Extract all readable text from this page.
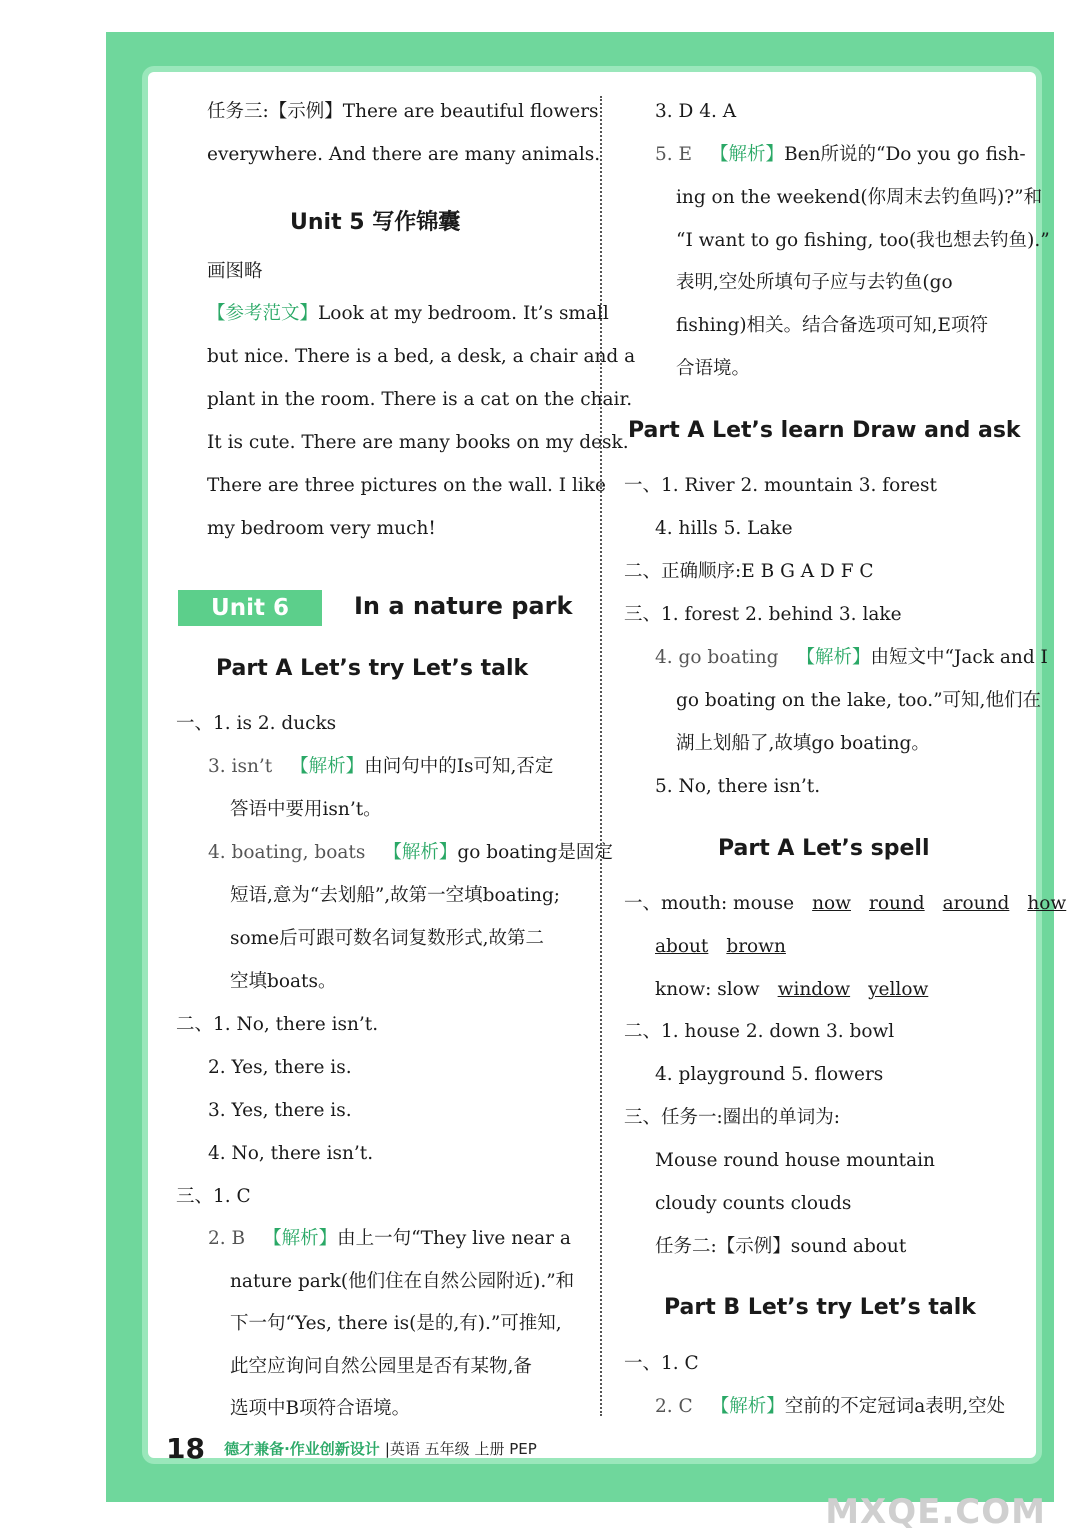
任务三:【示例】There are beautiful flowers
everywhere. And there are many animals.
Unit 5 写作锦囊
画图略
【参考范文】Look at my bedroom. It’s small
but nice. There is a bed, a desk, a chair and a
plant in the room. There is a cat on the chair.
It is cute. There are many books on my desk.
There are three pictures on the wall. I like
my bedroom very much!
Unit 6	In a nature park
Part A Let’s try Let’s talk
一、1. is 2. ducks
3. isn’t 【解析】由问句中的Is可知,否定
答语中要用isn’t。
4. boating, boats 【解析】go boating是固定
短语,意为“去划船”,故第一空填boating;
some后可跟可数名词复数形式,故第二
空填boats。
二、1. No, there isn’t.
2. Yes, there is.
3. Yes, there is.
4. No, there isn’t.
三、1. C
2. B 【解析】由上一句“They live near a
nature park(他们住在自然公园附近).”和
下一句“Yes, there is(是的,有).”可推知,
此空应询问自然公园里是否有某物,备
选项中B项符合语境。
3. D 4. A
5. E 【解析】Ben所说的“Do you go fish-
ing on the weekend(你周末去钓鱼吗)?”和
“I want to go fishing, too(我也想去钓鱼).”
表明,空处所填句子应与去钓鱼(go
fishing)相关。结合备选项可知,E项符
合语境。
Part A Let’s learn Draw and ask
一、1. River 2. mountain 3. forest
4. hills 5. Lake
二、正确顺序:E B G A D F C
三、1. forest 2. behind 3. lake
4. go boating 【解析】由短文中“Jack and I
go boating on the lake, too.”可知,他们在
湖上划船了,故填go boating。
5. No, there isn’t.
Part A Let’s spell
一、mouth: mouse now round around how
about brown
know: slow window yellow
二、1. house 2. down 3. bowl
4. playground 5. flowers
三、任务一:圈出的单词为:
Mouse round house mountain
cloudy counts clouds
任务二:【示例】sound about
Part B Let’s try Let’s talk
一、1. C
2. C 【解析】空前的不定冠词a表明,空处
18 德才兼备·作业创新设计 |英语 五年级 上册 PEP
MXQE.COM
